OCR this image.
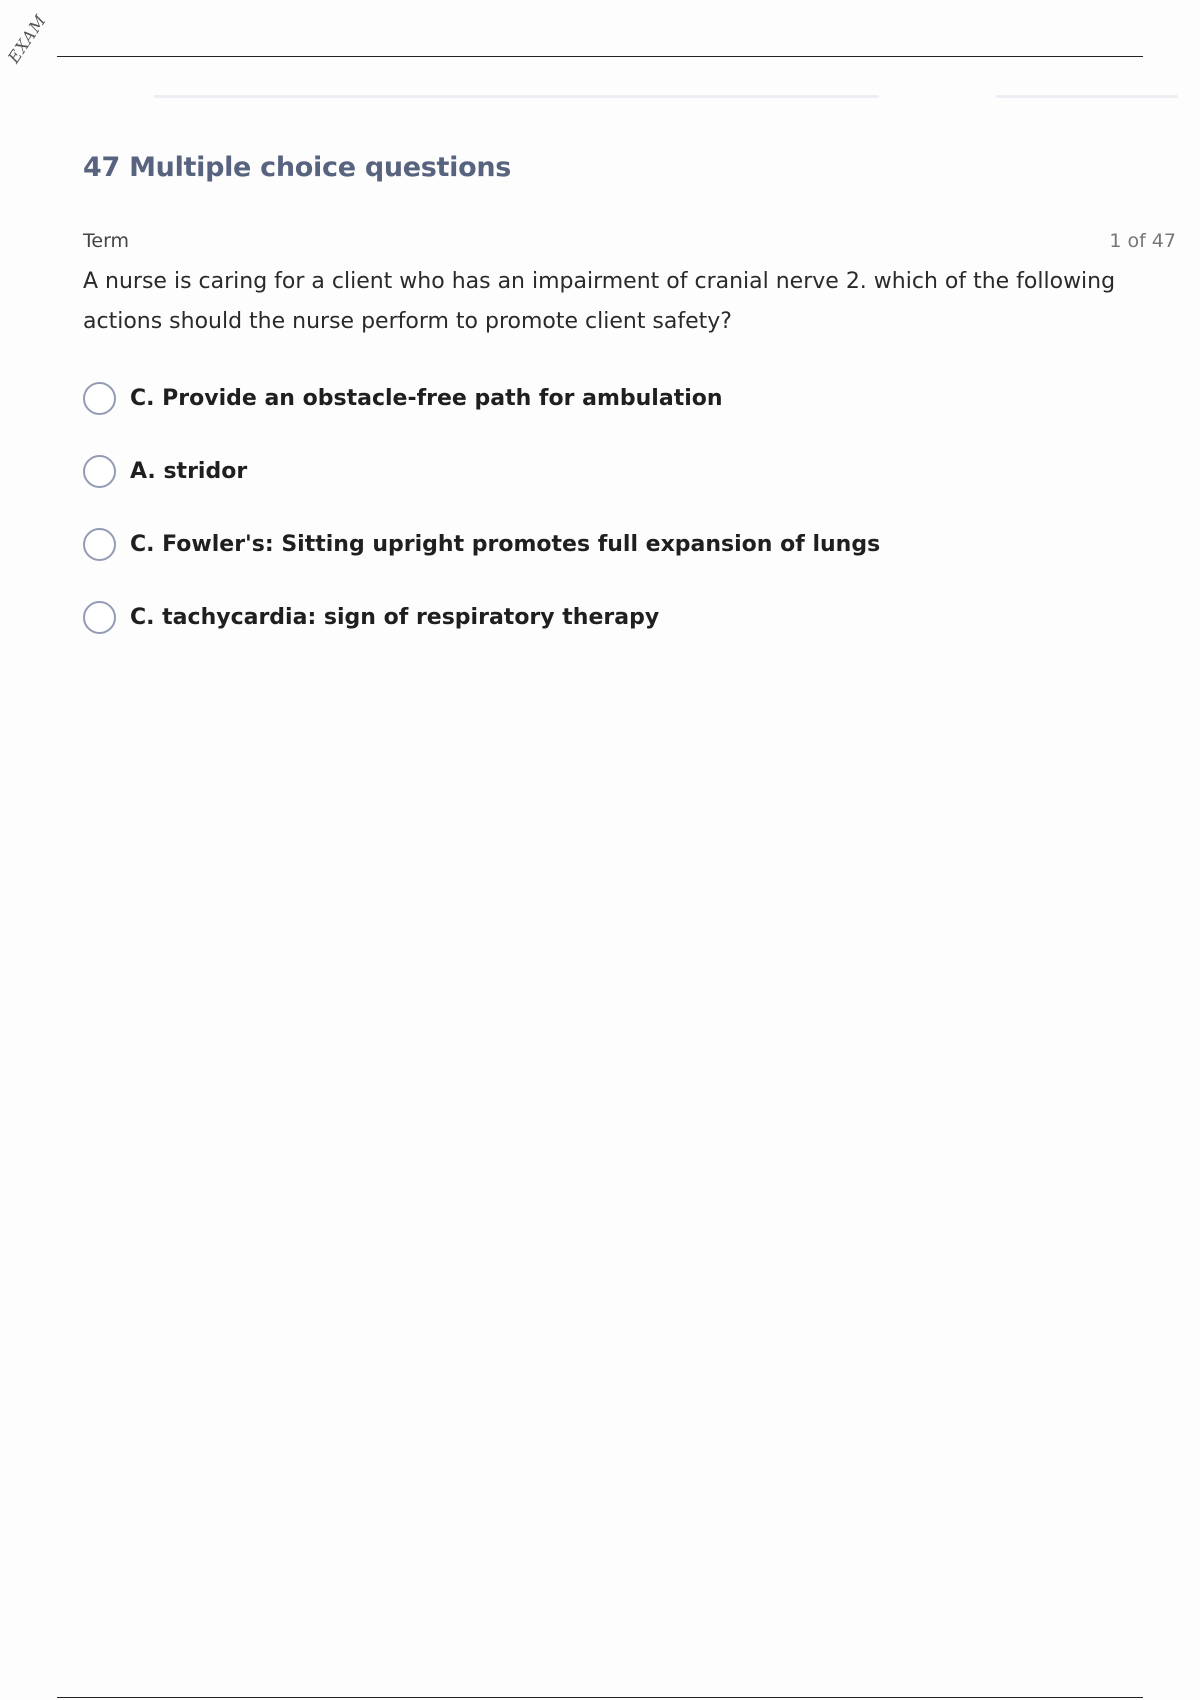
EXAM
47 Multiple choice questions
Term	1 of 47
A nurse is caring for a client who has an impairment of cranial nerve 2. which of the following actions should the nurse perform to promote client safety?
C. Provide an obstacle-free path for ambulation
A. stridor
C. Fowler's: Sitting upright promotes full expansion of lungs
C. tachycardia: sign of respiratory therapy
